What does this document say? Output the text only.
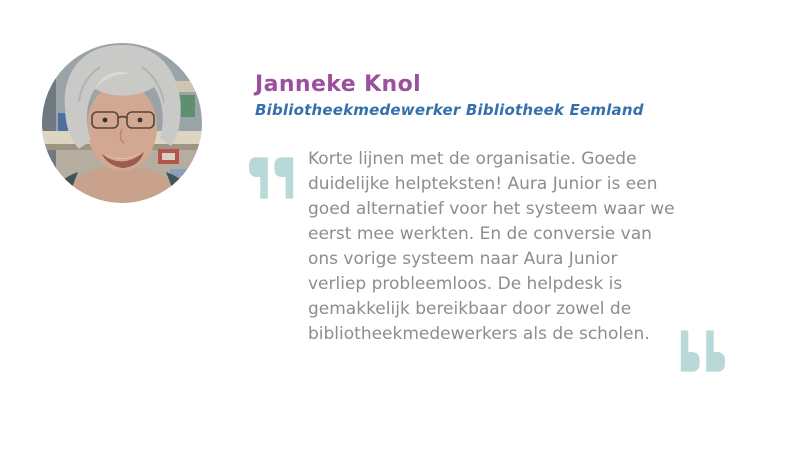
Janneke Knol
Bibliotheekmedewerker Bibliotheek Eemland

Korte lijnen met de organisatie. Goede duidelijke helpteksten! Aura Junior is een goed alternatief voor het systeem waar we eerst mee werkten. En de conversie van ons vorige systeem naar Aura Junior verliep probleemloos. De helpdesk is gemakkelijk bereikbaar door zowel de bibliotheekmedewerkers als de scholen.
